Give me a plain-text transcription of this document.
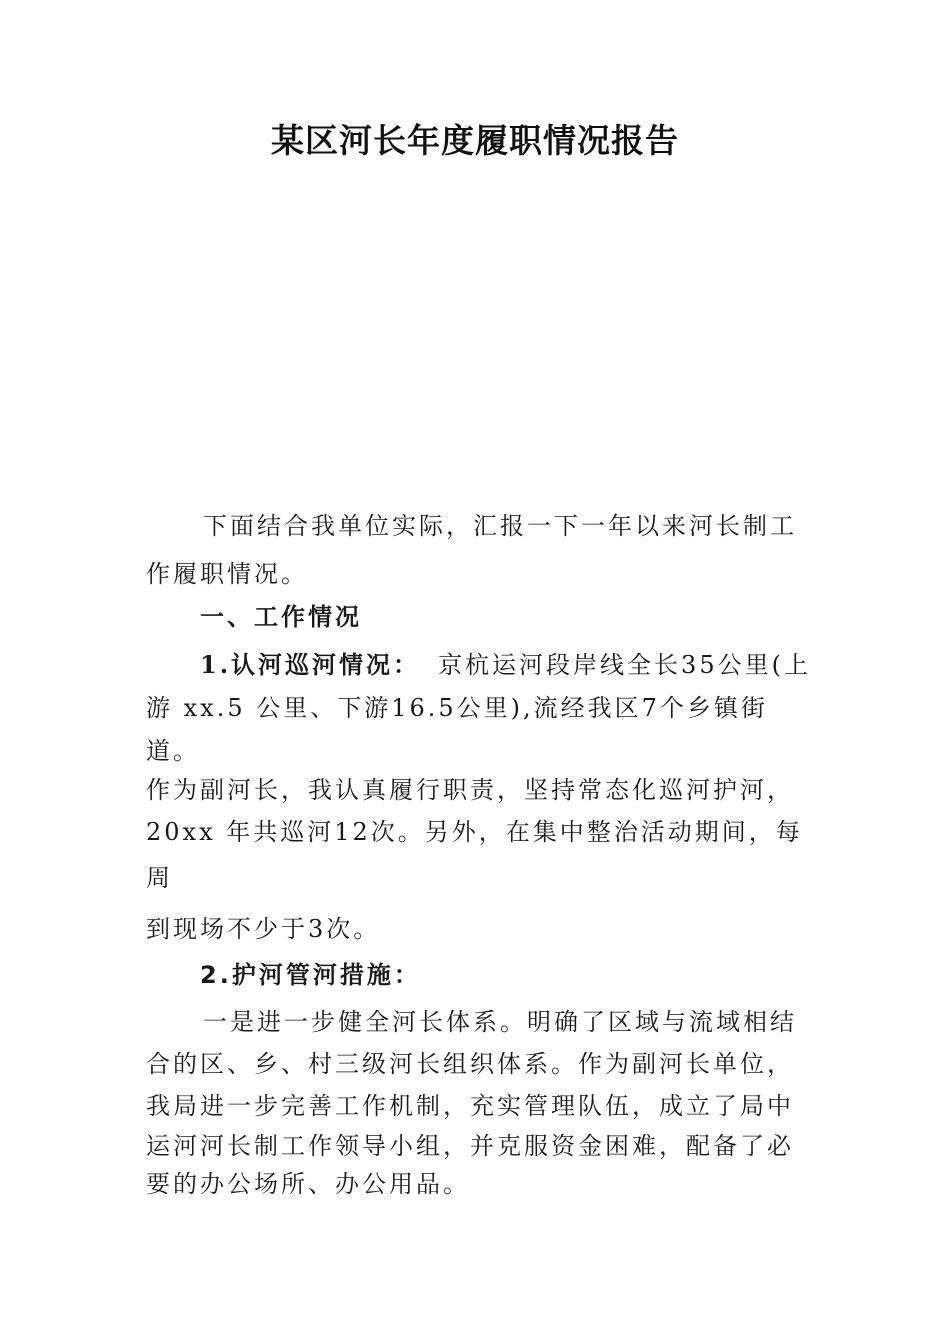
某区河长年度履职情况报告
下面结合我单位实际，汇报一下一年以来河长制工
作履职情况。
一、工作情况
1.认河巡河情况： 京杭运河段岸线全长35公里(上
游 xx.5 公里、下游16.5公里),流经我区7个乡镇街
道。
作为副河长，我认真履行职责，坚持常态化巡河护河，
20xx 年共巡河12次。另外，在集中整治活动期间，每
周
到现场不少于3次。
2.护河管河措施：
一是进一步健全河长体系。明确了区域与流域相结
合的区、乡、村三级河长组织体系。作为副河长单位，
我局进一步完善工作机制，充实管理队伍，成立了局中
运河河长制工作领导小组，并克服资金困难，配备了必
要的办公场所、办公用品。
